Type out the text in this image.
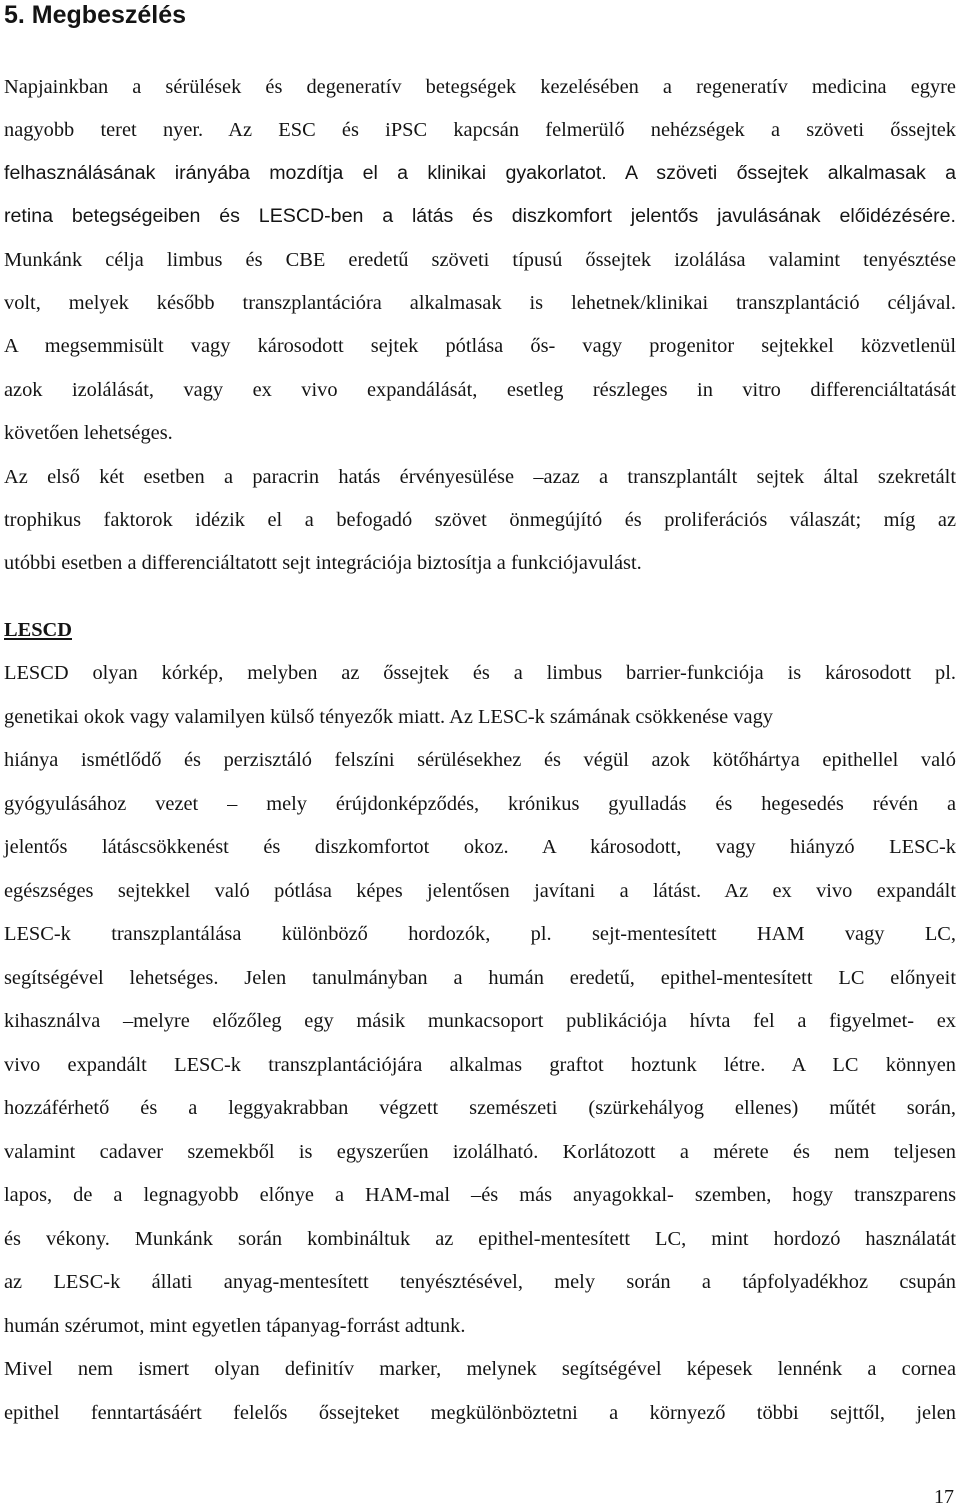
5. Megbeszélés
Napjainkban a sérülések és degeneratív betegségek kezelésében a regeneratív medicina egyre
nagyobb teret nyer. Az ESC és iPSC kapcsán felmerülő nehézségek a szöveti őssejtek
felhasználásának irányába mozdítja el a klinikai gyakorlatot. A szöveti őssejtek alkalmasak a
retina betegségeiben és LESCD-ben a látás és diszkomfort jelentős javulásának előidézésére.
Munkánk célja limbus és CBE eredetű szöveti típusú őssejtek izolálása valamint tenyésztése
volt, melyek később transzplantációra alkalmasak is lehetnek/klinikai transzplantáció céljával.
A megsemmisült vagy károsodott sejtek pótlása ős- vagy progenitor sejtekkel közvetlenül
azok izolálását, vagy ex vivo expandálását, esetleg részleges in vitro differenciáltatását
követően lehetséges.
Az első két esetben a paracrin hatás érvényesülése –azaz a transzplantált sejtek által szekretált
trophikus faktorok idézik el a befogadó szövet önmegújító és proliferációs válaszát; míg az
utóbbi esetben a differenciáltatott sejt integrációja biztosítja a funkciójavulást.
LESCD
LESCD olyan kórkép, melyben az őssejtek és a limbus barrier-funkciója is károsodott pl.
genetikai okok vagy valamilyen külső tényezők miatt. Az LESC-k számának csökkenése vagy
hiánya ismétlődő és perzisztáló felszíni sérülésekhez és végül azok kötőhártya epithellel való
gyógyulásához vezet – mely érújdonképződés, krónikus gyulladás és hegesedés révén a
jelentős látáscsökkenést és diszkomfortot okoz. A károsodott, vagy hiányzó LESC-k
egészséges sejtekkel való pótlása képes jelentősen javítani a látást. Az ex vivo expandált
LESC-k transzplantálása különböző hordozók, pl. sejt-mentesített HAM vagy LC,
segítségével lehetséges. Jelen tanulmányban a humán eredetű, epithel-mentesített LC előnyeit
kihasználva –melyre előzőleg egy másik munkacsoport publikációja hívta fel a figyelmet- ex
vivo expandált LESC-k transzplantációjára alkalmas graftot hoztunk létre. A LC könnyen
hozzáférhető és a leggyakrabban végzett szemészeti (szürkehályog ellenes) műtét során,
valamint cadaver szemekből is egyszerűen izolálható. Korlátozott a mérete és nem teljesen
lapos, de a legnagyobb előnye a HAM-mal –és más anyagokkal- szemben, hogy transzparens
és vékony. Munkánk során kombináltuk az epithel-mentesített LC, mint hordozó használatát
az LESC-k állati anyag-mentesített tenyésztésével, mely során a tápfolyadékhoz csupán
humán szérumot, mint egyetlen tápanyag-forrást adtunk.
Mivel nem ismert olyan definitív marker, melynek segítségével képesek lennénk a cornea
epithel fenntartásáért felelős őssejteket megkülönböztetni a környező többi sejttől, jelen
17
